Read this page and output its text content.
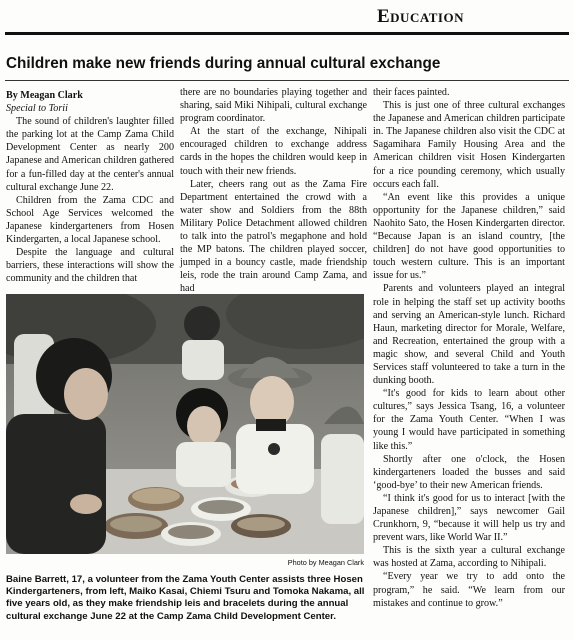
Education
Children make new friends during annual cultural exchange

By Meagan Clark

Special to Torii

The sound of children's laughter filled the parking lot at the Camp Zama Child Development Center as nearly 200 Japanese and American children gathered for a fun-filled day at the center's annual cultural exchange June 22.

Children from the Zama CDC and School Age Services welcomed the Japanese kindergarteners from Hosen Kindergarten, a local Japanese school.

Despite the language and cultural barriers, these interactions will show the community and the children that

there are no boundaries playing together and sharing, said Miki Nihipali, cultural exchange program coordinator.

At the start of the exchange, Nihipali encouraged children to exchange address cards in the hopes the children would keep in touch with their new friends.

Later, cheers rang out as the Zama Fire Department entertained the crowd with a water show and Soldiers from the 88th Military Police Detachment allowed children to talk into the patrol's megaphone and hold the MP batons. The children played soccer, jumped in a bouncy castle, made friendship leis, rode the train around Camp Zama, and had

their faces painted.

This is just one of three cultural exchanges the Japanese and American children participate in. The Japanese children also visit the CDC at Sagamihara Family Housing Area and the American children visit Hosen Kindergarten for a rice pounding ceremony, which usually occurs each fall.

“An event like this provides a unique opportunity for the Japanese children,” said Naohito Sato, the Hosen Kindergarten director. “Because Japan is an island country, [the children] do not have good opportunities to touch western culture. This is an important issue for us.”

Parents and volunteers played an integral role in helping the staff set up activity booths and serving an American-style lunch. Richard Haun, marketing director for Morale, Welfare, and Recreation, entertained the group with a magic show, and several Child and Youth Services staff volunteered to take a turn in the dunking booth.

“It's good for kids to learn about other cultures,” says Jessica Tsang, 16, a volunteer for the Zama Youth Center. “When I was young I would have participated in something like this.”

Shortly after one o'clock, the Hosen kindergarteners loaded the busses and said ‘good-bye’ to their new American friends.

“I think it's good for us to interact [with the Japanese children],” says newcomer Gail Crunkhorn, 9, “because it will help us try and prevent wars, like World War II.”

This is the sixth year a cultural exchange was hosted at Zama, according to Nihipali.

“Every year we try to add onto the program,” he said. “We learn from our mistakes and continue to grow.”

Photo by Meagan Clark
Baine Barrett, 17, a volunteer from the Zama Youth Center assists three Hosen Kindergarteners, from left, Maiko Kasai, Chiemi Tsuru and Tomoka Nakama, all five years old, as they make friendship leis and bracelets during the annual cultural exchange June 22 at the Camp Zama Child Development Center.
